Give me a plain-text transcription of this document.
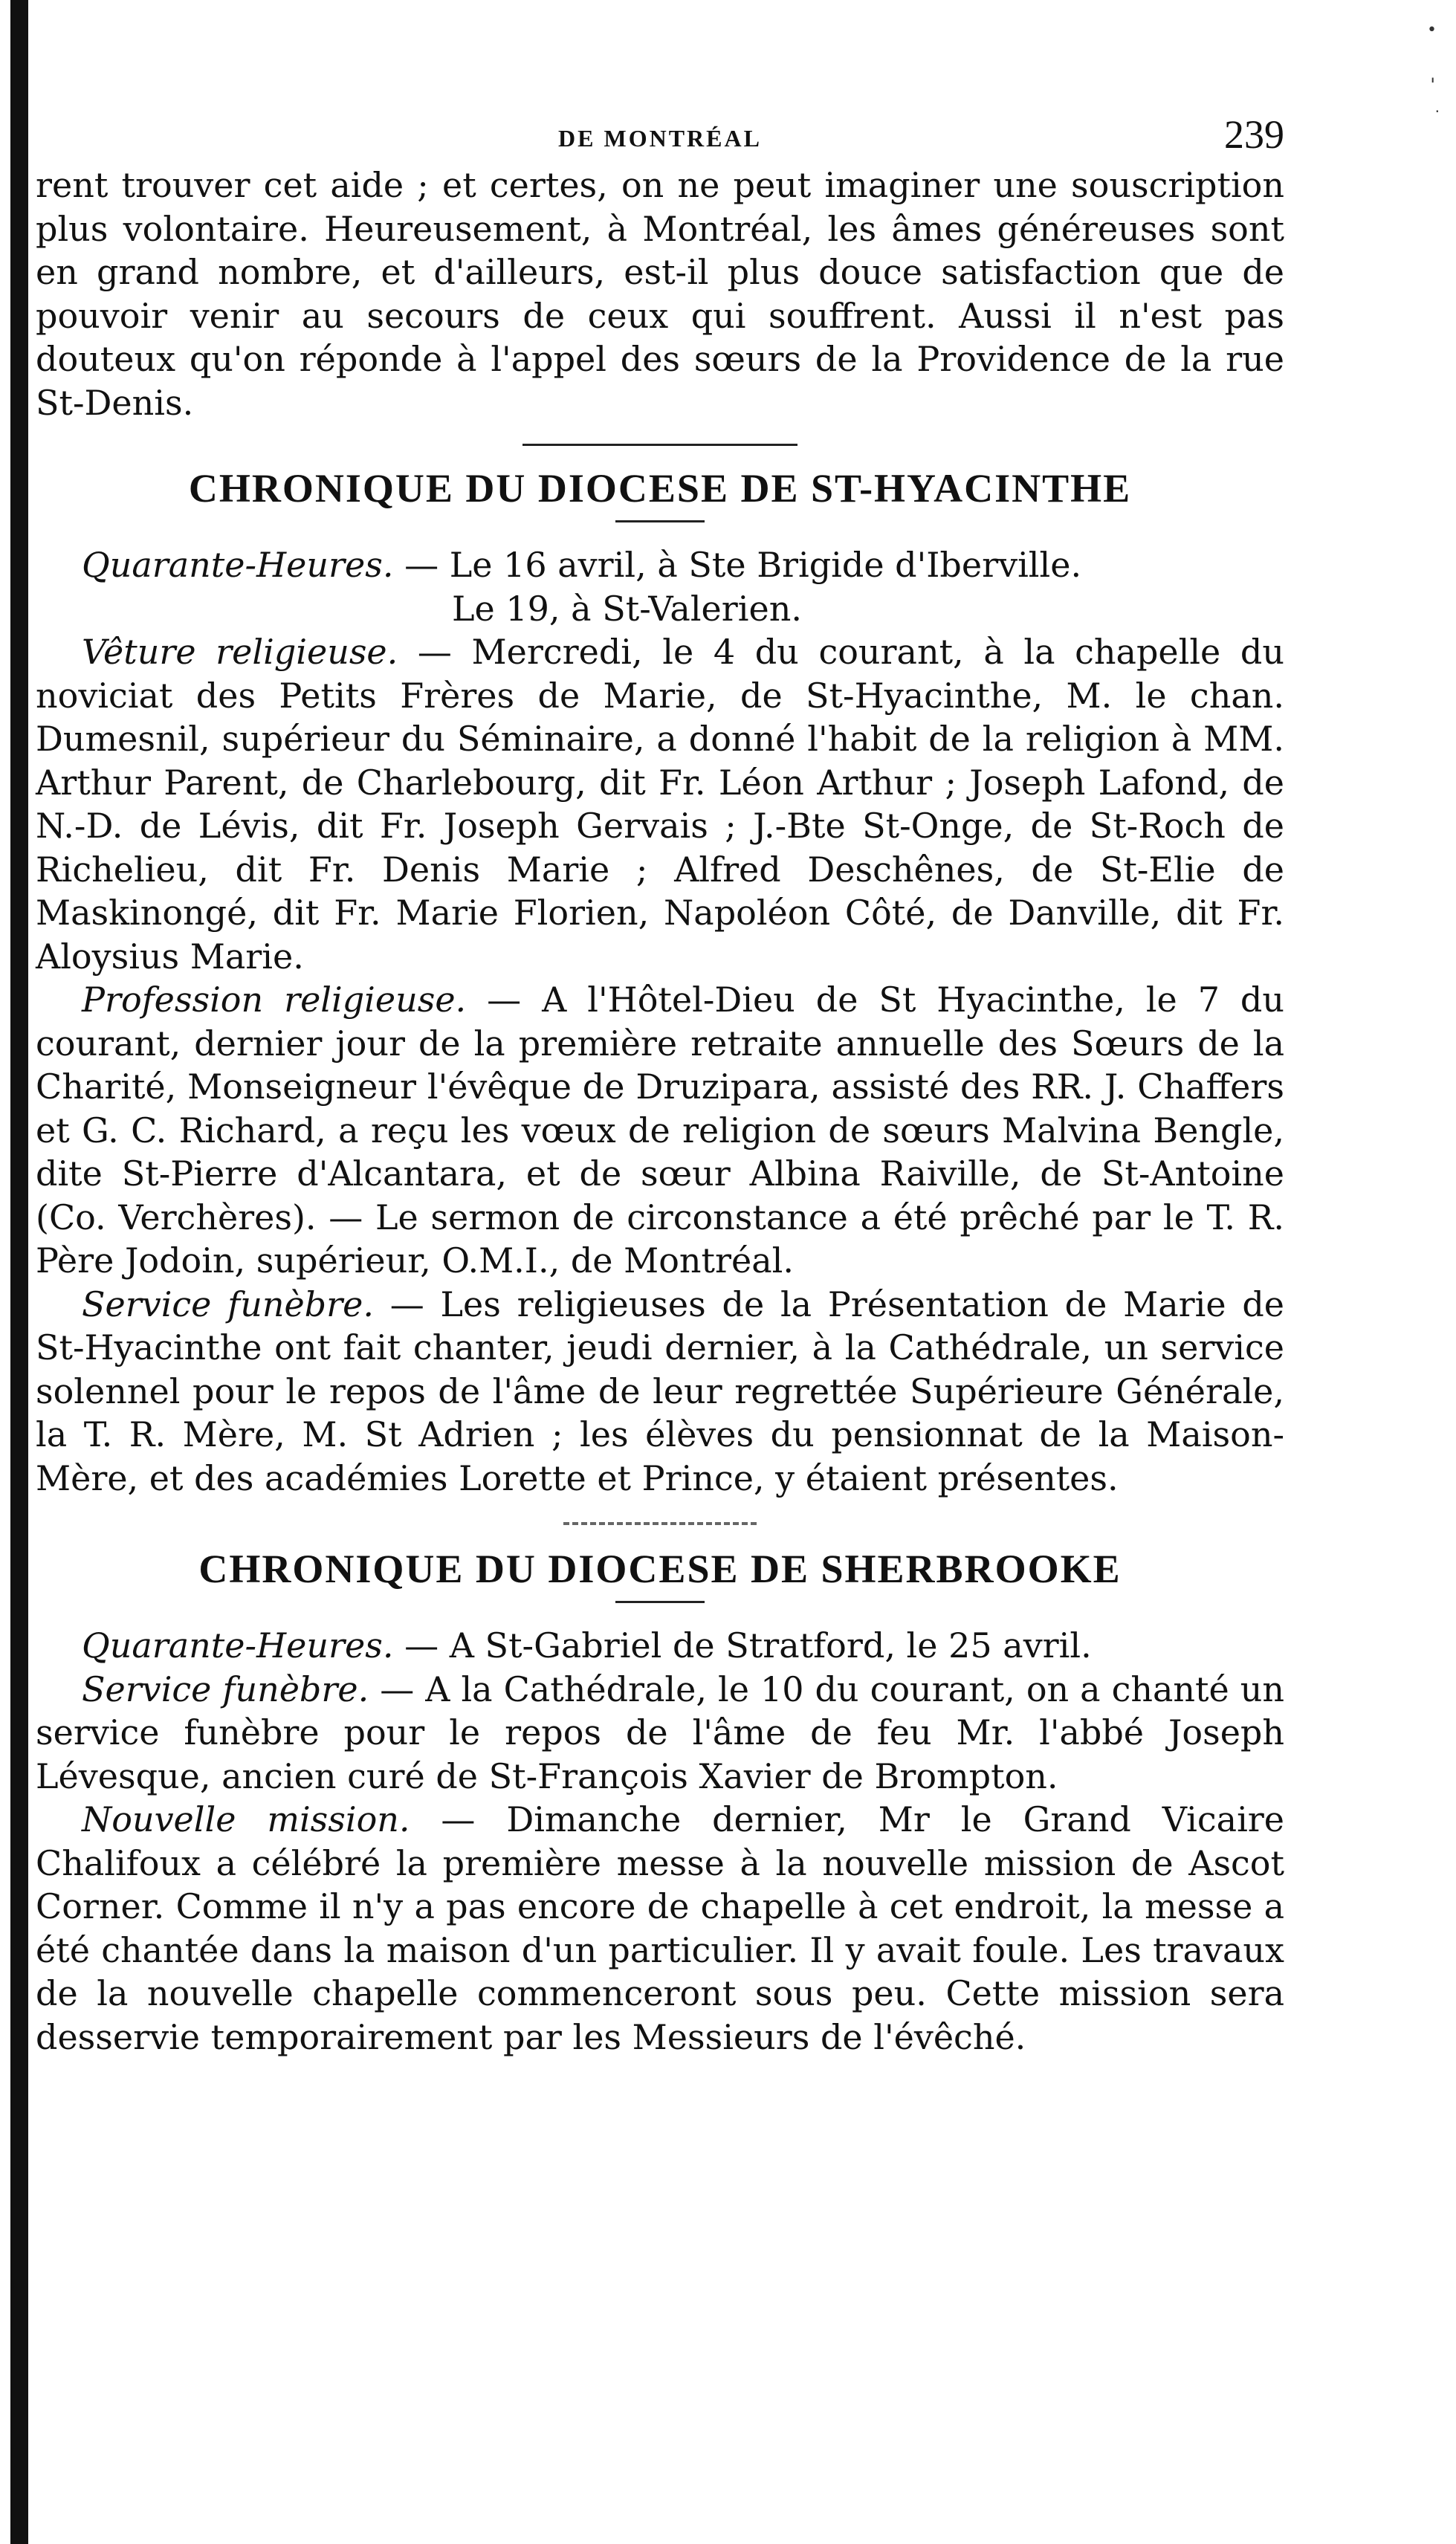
•
'
.
DE MONTRÉAL	239

rent trouver cet aide ; et certes, on ne peut imaginer une souscription plus volontaire. Heureusement, à Montréal, les âmes généreuses sont en grand nombre, et d'ailleurs, est-il plus douce satisfaction que de pouvoir venir au secours de ceux qui souffrent. Aussi il n'est pas douteux qu'on réponde à l'appel des sœurs de la Providence de la rue St-Denis.

CHRONIQUE DU DIOCESE DE ST-HYACINTHE

Quarante-Heures. — Le 16 avril, à Ste Brigide d'Iberville.

Le 19, à St-Valerien.

Vêture religieuse. — Mercredi, le 4 du courant, à la chapelle du noviciat des Petits Frères de Marie, de St-Hyacinthe, M. le chan. Dumesnil, supérieur du Séminaire, a donné l'habit de la religion à MM. Arthur Parent, de Charlebourg, dit Fr. Léon Arthur ; Joseph Lafond, de N.-D. de Lévis, dit Fr. Joseph Gervais ; J.-Bte St-Onge, de St-Roch de Richelieu, dit Fr. Denis Marie ; Alfred Deschênes, de St-Elie de Maskinongé, dit Fr. Marie Florien, Napoléon Côté, de Danville, dit Fr. Aloysius Marie.

Profession religieuse. — A l'Hôtel-Dieu de St Hyacinthe, le 7 du courant, dernier jour de la première retraite annuelle des Sœurs de la Charité, Monseigneur l'évêque de Druzipara, assisté des RR. J. Chaffers et G. C. Richard, a reçu les vœux de religion de sœurs Malvina Bengle, dite St-Pierre d'Alcantara, et de sœur Albina Raiville, de St-Antoine (Co. Verchères). — Le sermon de circonstance a été prêché par le T. R. Père Jodoin, supérieur, O.M.I., de Montréal.

Service funèbre. — Les religieuses de la Présentation de Marie de St-Hyacinthe ont fait chanter, jeudi dernier, à la Cathédrale, un service solennel pour le repos de l'âme de leur regrettée Supérieure Générale, la T. R. Mère, M. St Adrien ; les élèves du pensionnat de la Maison-Mère, et des académies Lorette et Prince, y étaient présentes.

CHRONIQUE DU DIOCESE DE SHERBROOKE

Quarante-Heures. — A St-Gabriel de Stratford, le 25 avril.

Service funèbre. — A la Cathédrale, le 10 du courant, on a chanté un service funèbre pour le repos de l'âme de feu Mr. l'abbé Joseph Lévesque, ancien curé de St-François Xavier de Brompton.

Nouvelle mission. — Dimanche dernier, Mr le Grand Vicaire Chalifoux a célébré la première messe à la nouvelle mission de Ascot Corner. Comme il n'y a pas encore de chapelle à cet endroit, la messe a été chantée dans la maison d'un particulier. Il y avait foule. Les travaux de la nouvelle chapelle commenceront sous peu. Cette mission sera desservie temporairement par les Messieurs de l'évêché.
